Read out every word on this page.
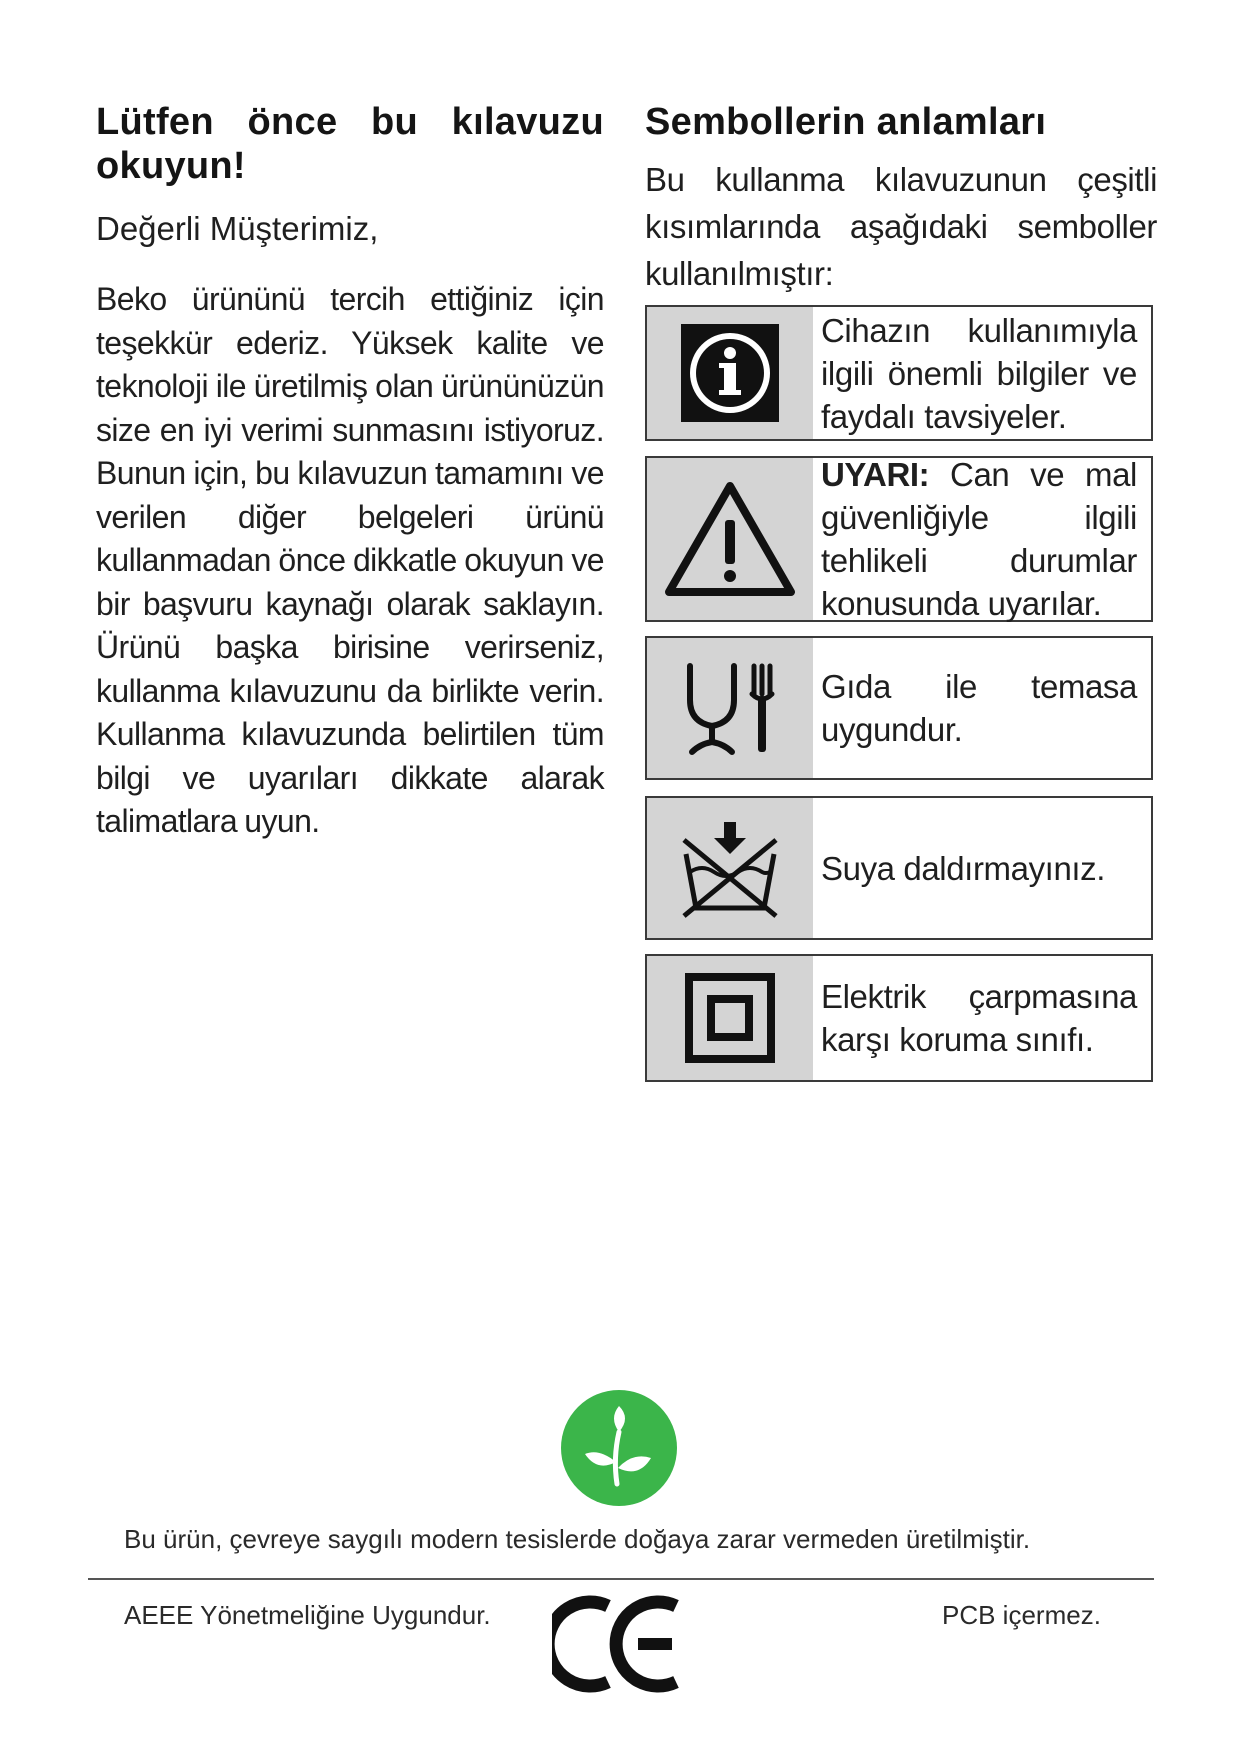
Lütfen önce bu kılavuzu okuyun!

Değerli Müşterimiz,

Beko ürününü tercih ettiğiniz için teşekkür ederiz. Yüksek kalite ve teknoloji ile üretilmiş olan ürününüzün size en iyi verimi sunmasını istiyoruz. Bunun için, bu kılavuzun tamamını ve verilen diğer belgeleri ürünü kullanmadan önce dikkatle okuyun ve bir başvuru kaynağı olarak saklayın. Ürünü başka birisine verirseniz, kullanma kılavuzunu da birlikte verin. Kullanma kılavuzunda belirtilen tüm bilgi ve uyarıları dikkate alarak talimatlara uyun.

Sembollerin anlamları

Bu kullanma kılavuzunun çeşitli kısımlarında aşağıdaki semboller kullanılmıştır:

Cihazın kullanımıyla ilgili önemli bilgiler ve faydalı tavsiyeler.
UYARI: Can ve mal güvenliğiyle ilgili tehlikeli durumlar konusunda uyarılar.
Gıda ile temasa uygundur.
Suya daldırmayınız.
Elektrik çarpmasına karşı koruma sınıfı.
Bu ürün, çevreye saygılı modern tesislerde doğaya zarar vermeden üretilmiştir.
AEEE Yönetmeliğine Uygundur.	PCB içermez.
